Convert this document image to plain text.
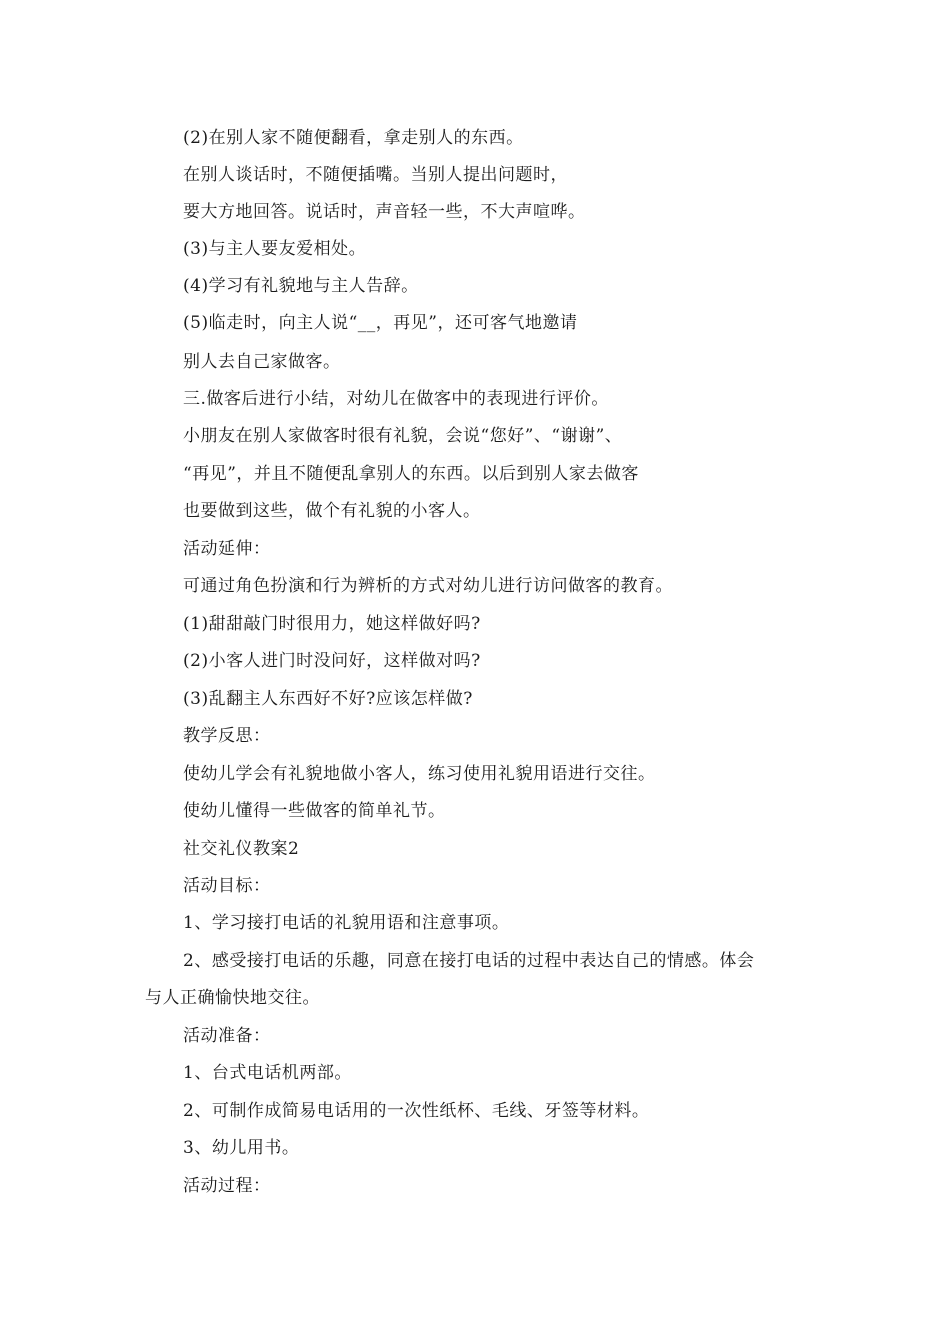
(2)在别人家不随便翻看，拿走别人的东西。
在别人谈话时，不随便插嘴。当别人提出问题时，
要大方地回答。说话时，声音轻一些，不大声喧哗。
(3)与主人要友爱相处。
(4)学习有礼貌地与主人告辞。
(5)临走时，向主人说“__，再见”，还可客气地邀请
别人去自己家做客。
三.做客后进行小结，对幼儿在做客中的表现进行评价。
小朋友在别人家做客时很有礼貌，会说“您好”、“谢谢”、
“再见”，并且不随便乱拿别人的东西。以后到别人家去做客
也要做到这些，做个有礼貌的小客人。
活动延伸：
可通过角色扮演和行为辨析的方式对幼儿进行访问做客的教育。
(1)甜甜敲门时很用力，她这样做好吗?
(2)小客人进门时没问好，这样做对吗?
(3)乱翻主人东西好不好?应该怎样做?
教学反思：
使幼儿学会有礼貌地做小客人，练习使用礼貌用语进行交往。
使幼儿懂得一些做客的简单礼节。
社交礼仪教案2
活动目标：
1、学习接打电话的礼貌用语和注意事项。
2、感受接打电话的乐趣，同意在接打电话的过程中表达自己的情感。体会
与人正确愉快地交往。
活动准备：
1、台式电话机两部。
2、可制作成简易电话用的一次性纸杯、毛线、牙签等材料。
3、幼儿用书。
活动过程：
